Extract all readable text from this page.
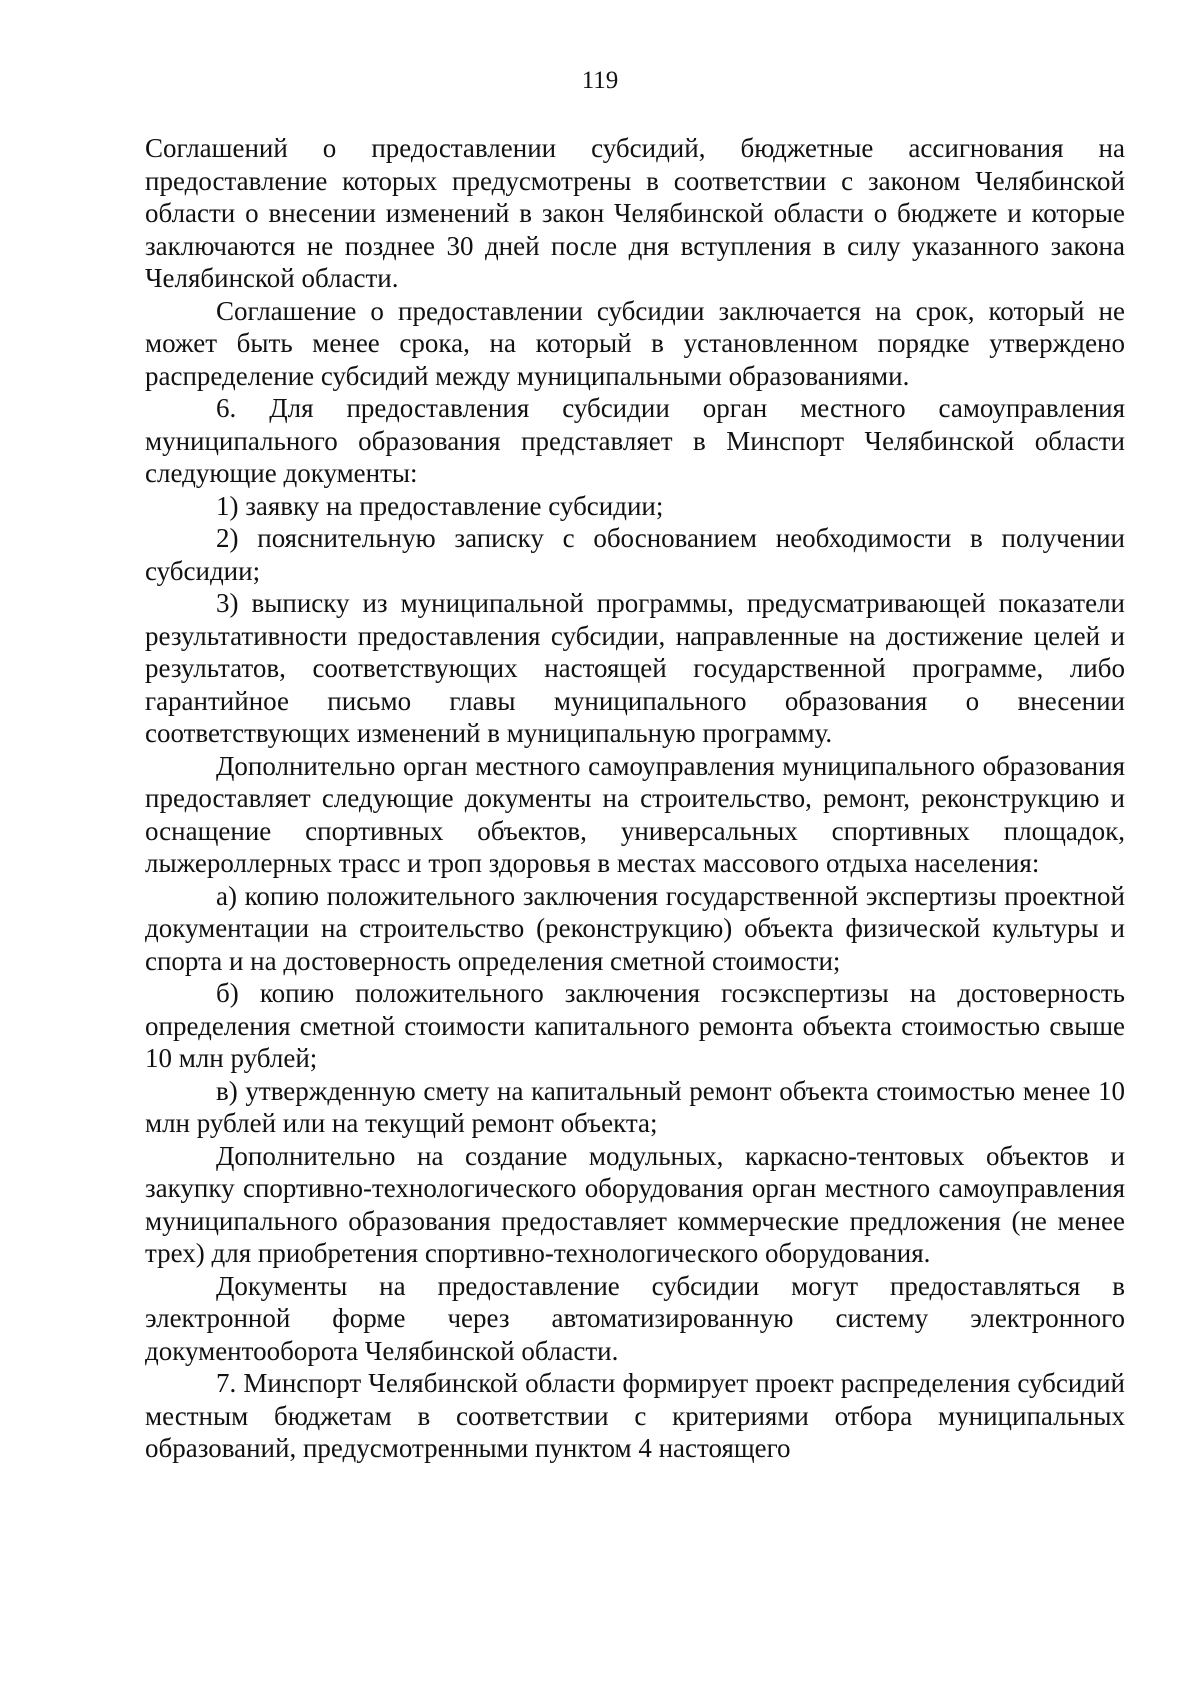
119

Соглашений о предоставлении субсидий, бюджетные ассигнования на предоставление которых предусмотрены в соответствии с законом Челябинской области о внесении изменений в закон Челябинской области о бюджете и которые заключаются не позднее 30 дней после дня вступления в силу указанного закона Челябинской области.

Соглашение о предоставлении субсидии заключается на срок, который не может быть менее срока, на который в установленном порядке утверждено распределение субсидий между муниципальными образованиями.

6. Для предоставления субсидии орган местного самоуправления муниципального образования представляет в Минспорт Челябинской области следующие документы:

1) заявку на предоставление субсидии;

2) пояснительную записку с обоснованием необходимости в получении субсидии;

3) выписку из муниципальной программы, предусматривающей показатели результативности предоставления субсидии, направленные на достижение целей и результатов, соответствующих настоящей государственной программе, либо гарантийное письмо главы муниципального образования о внесении соответствующих изменений в муниципальную программу.

Дополнительно орган местного самоуправления муниципального образования предоставляет следующие документы на строительство, ремонт, реконструкцию и оснащение спортивных объектов, универсальных спортивных площадок, лыжероллерных трасс и троп здоровья в местах массового отдыха населения:

а) копию положительного заключения государственной экспертизы проектной документации на строительство (реконструкцию) объекта физической культуры и спорта и на достоверность определения сметной стоимости;

б) копию положительного заключения госэкспертизы на достоверность определения сметной стоимости капитального ремонта объекта стоимостью свыше 10 млн рублей;

в) утвержденную смету на капитальный ремонт объекта стоимостью менее 10 млн рублей или на текущий ремонт объекта;

Дополнительно на создание модульных, каркасно-тентовых объектов и закупку спортивно-технологического оборудования орган местного самоуправления муниципального образования предоставляет коммерческие предложения (не менее трех) для приобретения спортивно-технологического оборудования.

Документы на предоставление субсидии могут предоставляться в электронной форме через автоматизированную систему электронного документооборота Челябинской области.

7. Минспорт Челябинской области формирует проект распределения субсидий местным бюджетам в соответствии с критериями отбора муниципальных образований, предусмотренными пунктом 4 настоящего
